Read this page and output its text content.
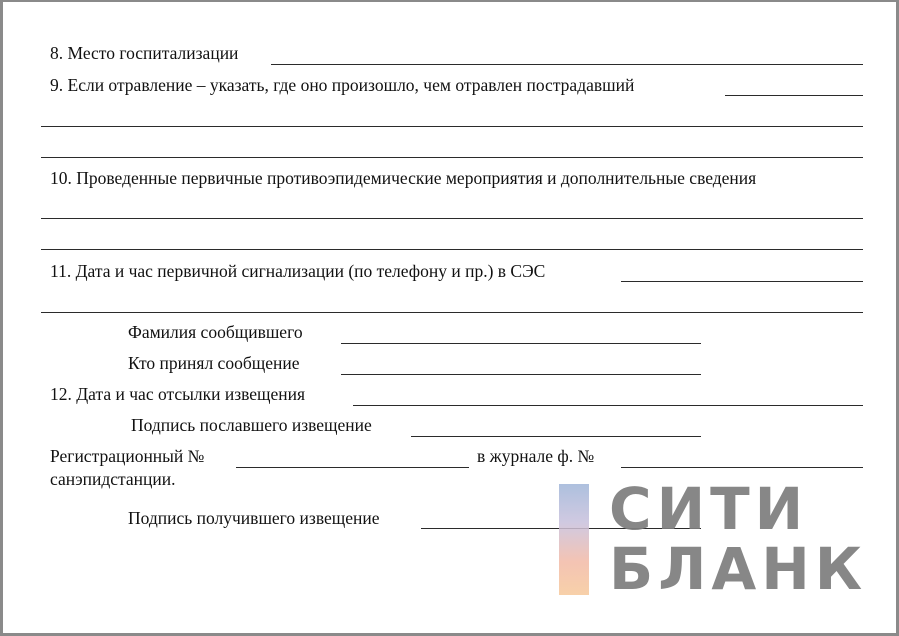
8. Место госпитализации
9. Если отравление – указать, где оно произошло, чем отравлен пострадавший
10. Проведенные первичные противоэпидемические мероприятия и дополнительные сведения
11. Дата и час первичной сигнализации (по телефону и пр.) в СЭС
Фамилия сообщившего
Кто принял сообщение
12. Дата и час отсылки извещения
Подпись пославшего извещение
Регистрационный №	в журнале ф. №
санэпидстанции.
Подпись получившего извещение	СИТИ
БЛАНК
